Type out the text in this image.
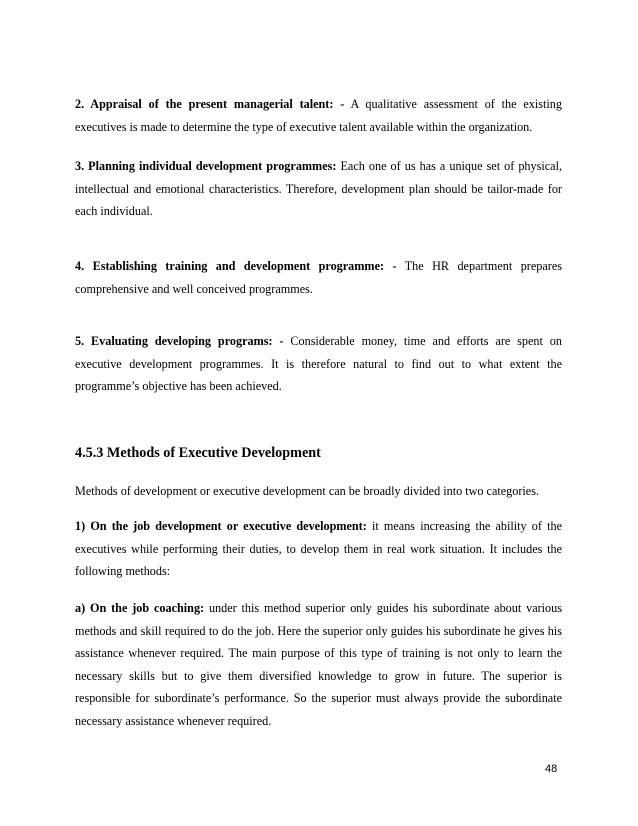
2. Appraisal of the present managerial talent: - A qualitative assessment of the existing executives is made to determine the type of executive talent available within the organization.

3. Planning individual development programmes: Each one of us has a unique set of physical, intellectual and emotional characteristics. Therefore, development plan should be tailor-made for each individual.

4. Establishing training and development programme: - The HR department prepares comprehensive and well conceived programmes.

5. Evaluating developing programs: - Considerable money, time and efforts are spent on executive development programmes. It is therefore natural to find out to what extent the programme’s objective has been achieved.

4.5.3 Methods of Executive Development

Methods of development or executive development can be broadly divided into two categories.

1) On the job development or executive development: it means increasing the ability of the executives while performing their duties, to develop them in real work situation. It includes the following methods:

a) On the job coaching: under this method superior only guides his subordinate about various methods and skill required to do the job. Here the superior only guides his subordinate he gives his assistance whenever required. The main purpose of this type of training is not only to learn the necessary skills but to give them diversified knowledge to grow in future. The superior is responsible for subordinate’s performance. So the superior must always provide the subordinate necessary assistance whenever required.

48
